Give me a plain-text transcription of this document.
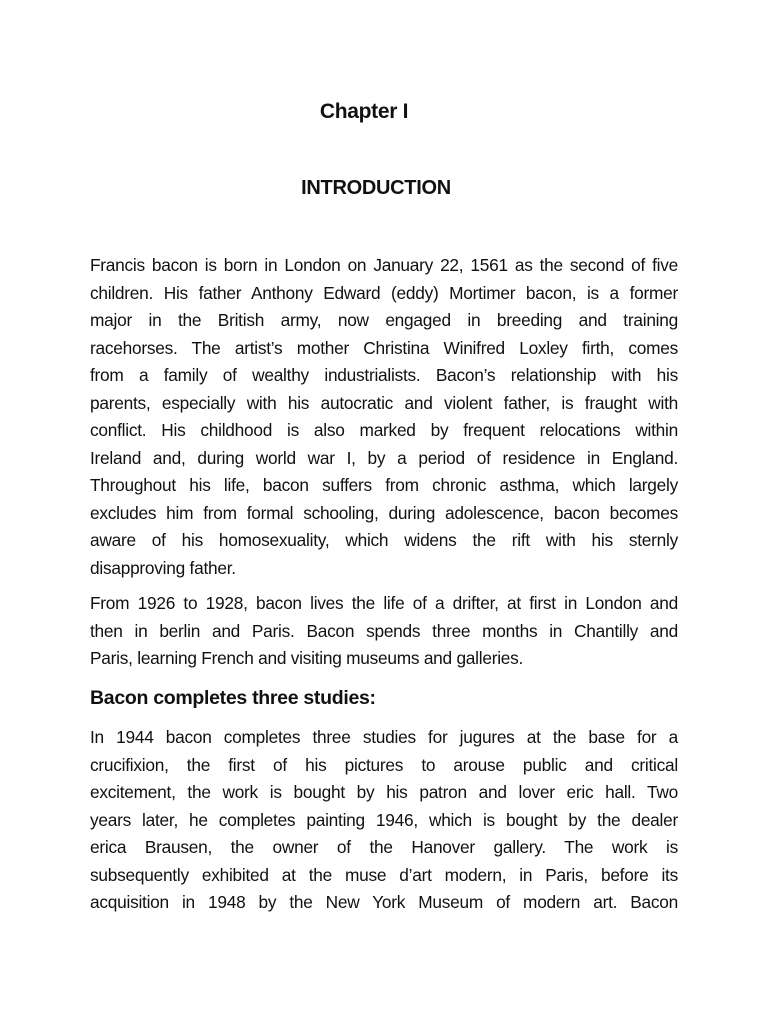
Chapter I
INTRODUCTION
Francis bacon is born in London on January 22, 1561 as the second of five
children. His father Anthony Edward (eddy) Mortimer bacon, is a former
major in the British army, now engaged in breeding and training
racehorses. The artist’s mother Christina Winifred Loxley firth, comes
from a family of wealthy industrialists. Bacon’s relationship with his
parents, especially with his autocratic and violent father, is fraught with
conflict. His childhood is also marked by frequent relocations within
Ireland and, during world war I, by a period of residence in England.
Throughout his life, bacon suffers from chronic asthma, which largely
excludes him from formal schooling, during adolescence, bacon becomes
aware of his homosexuality, which widens the rift with his sternly
disapproving father.
From 1926 to 1928, bacon lives the life of a drifter, at first in London and
then in berlin and Paris. Bacon spends three months in Chantilly and
Paris, learning French and visiting museums and galleries.
Bacon completes three studies:
In 1944 bacon completes three studies for jugures at the base for a
crucifixion, the first of his pictures to arouse public and critical
excitement, the work is bought by his patron and lover eric hall. Two
years later, he completes painting 1946, which is bought by the dealer
erica Brausen, the owner of the Hanover gallery. The work is
subsequently exhibited at the muse d’art modern, in Paris, before its
acquisition in 1948 by the New York Museum of modern art. Bacon
